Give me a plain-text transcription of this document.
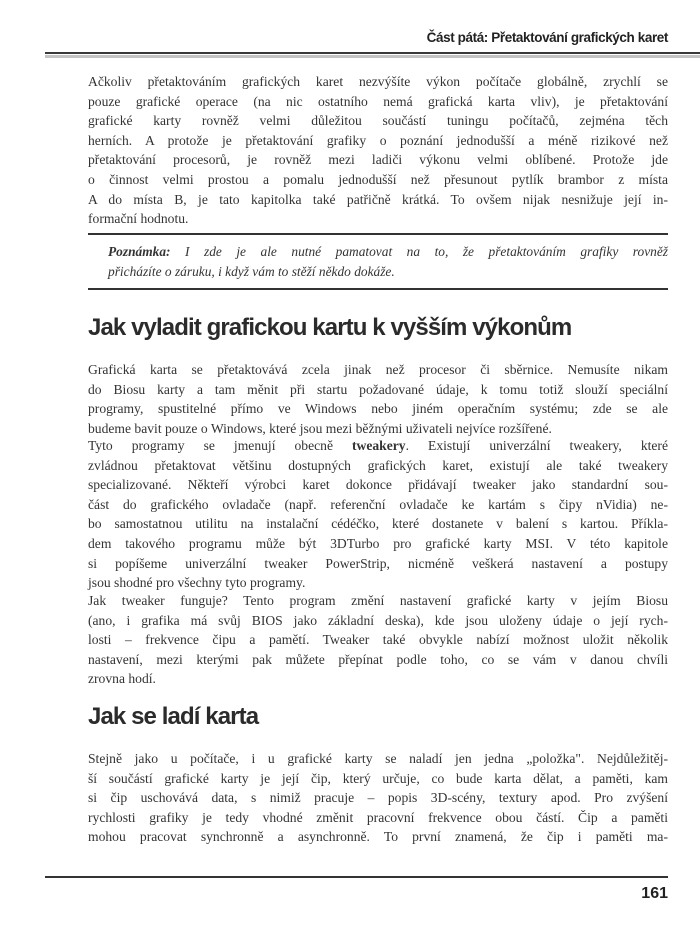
Část pátá: Přetaktování grafických karet
Ačkoliv přetaktováním grafických karet nezvýšíte výkon počítače globálně, zrychlí se
pouze grafické operace (na nic ostatního nemá grafická karta vliv), je přetaktování
grafické karty rovněž velmi důležitou součástí tuningu počítačů, zejména těch
herních. A protože je přetaktování grafiky o poznání jednodušší a méně rizikové než
přetaktování procesorů, je rovněž mezi ladiči výkonu velmi oblíbené. Protože jde
o činnost velmi prostou a pomalu jednodušší než přesunout pytlík brambor z místa
A do místa B, je tato kapitolka také patřičně krátká. To ovšem nijak nesnižuje její in-
formační hodnotu.
Poznámka: I zde je ale nutné pamatovat na to, že přetaktováním grafiky rovněž
přicházíte o záruku, i když vám to stěží někdo dokáže.
Jak vyladit grafickou kartu k vyšším výkonům
Grafická karta se přetaktovává zcela jinak než procesor či sběrnice. Nemusíte nikam
do Biosu karty a tam měnit při startu požadované údaje, k tomu totiž slouží speciální
programy, spustitelné přímo ve Windows nebo jiném operačním systému; zde se ale
budeme bavit pouze o Windows, které jsou mezi běžnými uživateli nejvíce rozšířené.
Tyto programy se jmenují obecně tweakery. Existují univerzální tweakery, které
zvládnou přetaktovat většinu dostupných grafických karet, existují ale také tweakery
specializované. Někteří výrobci karet dokonce přidávají tweaker jako standardní sou-
část do grafického ovladače (např. referenční ovladače ke kartám s čipy nVidia) ne-
bo samostatnou utilitu na instalační cédéčko, které dostanete v balení s kartou. Příkla-
dem takového programu může být 3DTurbo pro grafické karty MSI. V této kapitole
si popíšeme univerzální tweaker PowerStrip, nicméně veškerá nastavení a postupy
jsou shodné pro všechny tyto programy.
Jak tweaker funguje? Tento program změní nastavení grafické karty v jejím Biosu
(ano, i grafika má svůj BIOS jako základní deska), kde jsou uloženy údaje o její rych-
losti – frekvence čipu a pamětí. Tweaker také obvykle nabízí možnost uložit několik
nastavení, mezi kterými pak můžete přepínat podle toho, co se vám v danou chvíli
zrovna hodí.
Jak se ladí karta
Stejně jako u počítače, i u grafické karty se naladí jen jedna „položka". Nejdůležitěj-
ší součástí grafické karty je její čip, který určuje, co bude karta dělat, a paměti, kam
si čip uschovává data, s nimiž pracuje – popis 3D-scény, textury apod. Pro zvýšení
rychlosti grafiky je tedy vhodné změnit pracovní frekvence obou částí. Čip a paměti
mohou pracovat synchronně a asynchronně. To první znamená, že čip i paměti ma-
161
